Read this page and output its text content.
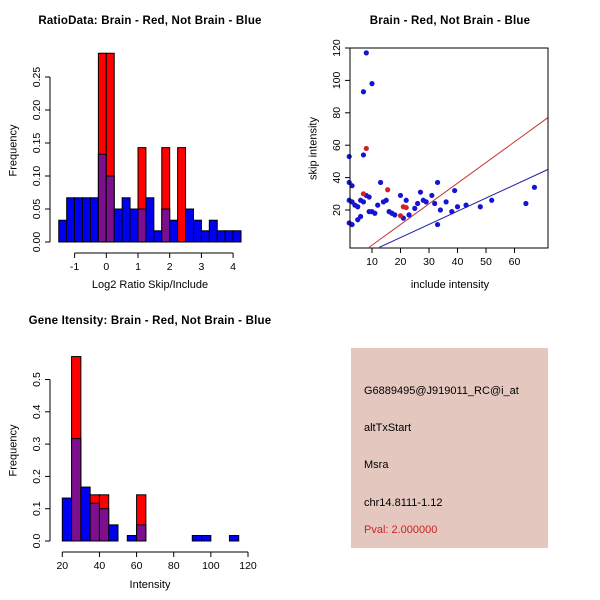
RatioData: Brain - Red, Not Brain - Blue
-1 0 1 2 3 4
0.00
0.05
0.10
0.15
0.20
0.25
Log2 Ratio Skip/Include
Frequency
Brain - Red, Not Brain - Blue
10 20 30 40 50 60
20
40
60
80
100
120
include intensity
skip intensity
Gene Itensity: Brain - Red, Not Brain - Blue
20 40 60 80 100 120
0.0
0.1
0.2
0.3
0.4
0.5
Intensity
Frequency
G6889495@J919011_RC@i_at
altTxStart
Msra
chr14.8111-1.12
Pval: 2.000000
